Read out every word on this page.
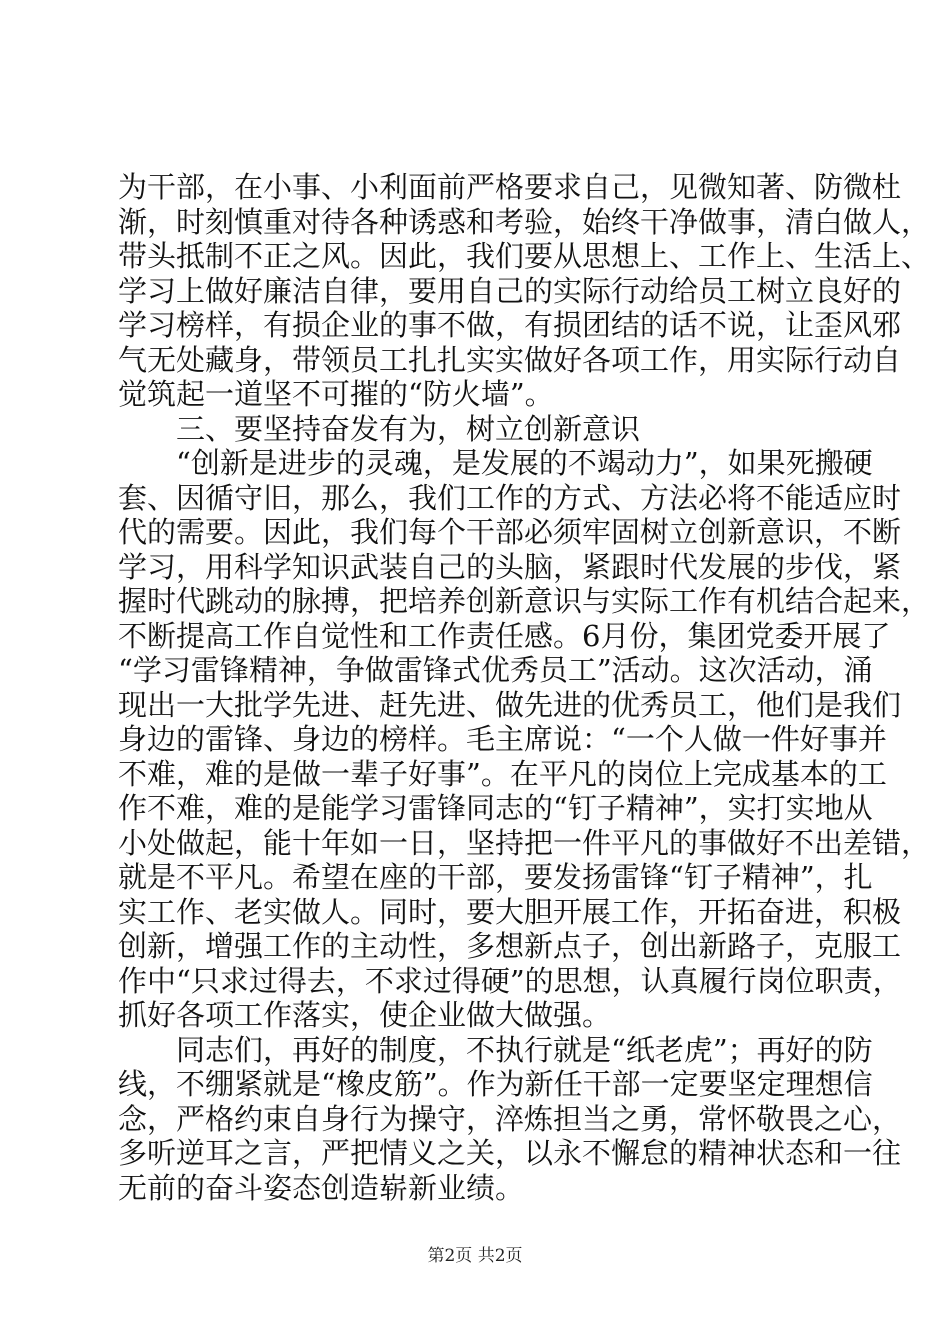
为干部，在小事、小利面前严格要求自己，见微知著、防微杜
渐，时刻慎重对待各种诱惑和考验，始终干净做事，清白做人，
带头抵制不正之风。因此，我们要从思想上、工作上、生活上、
学习上做好廉洁自律，要用自己的实际行动给员工树立良好的
学习榜样，有损企业的事不做，有损团结的话不说，让歪风邪
气无处藏身，带领员工扎扎实实做好各项工作，用实际行动自
觉筑起一道坚不可摧的“防火墙”。
三、要坚持奋发有为，树立创新意识
“创新是进步的灵魂，是发展的不竭动力”，如果死搬硬
套、因循守旧，那么，我们工作的方式、方法必将不能适应时
代的需要。因此，我们每个干部必须牢固树立创新意识，不断
学习，用科学知识武装自己的头脑，紧跟时代发展的步伐，紧
握时代跳动的脉搏，把培养创新意识与实际工作有机结合起来，
不断提高工作自觉性和工作责任感。6月份，集团党委开展了
“学习雷锋精神，争做雷锋式优秀员工”活动。这次活动，涌
现出一大批学先进、赶先进、做先进的优秀员工，他们是我们
身边的雷锋、身边的榜样。毛主席说：“一个人做一件好事并
不难，难的是做一辈子好事”。在平凡的岗位上完成基本的工
作不难，难的是能学习雷锋同志的“钉子精神”，实打实地从
小处做起，能十年如一日，坚持把一件平凡的事做好不出差错，
就是不平凡。希望在座的干部，要发扬雷锋“钉子精神”，扎
实工作、老实做人。同时，要大胆开展工作，开拓奋进，积极
创新，增强工作的主动性，多想新点子，创出新路子，克服工
作中“只求过得去，不求过得硬”的思想，认真履行岗位职责，
抓好各项工作落实，使企业做大做强。
同志们，再好的制度，不执行就是“纸老虎”；再好的防
线，不绷紧就是“橡皮筋”。作为新任干部一定要坚定理想信
念，严格约束自身行为操守，淬炼担当之勇，常怀敬畏之心，
多听逆耳之言，严把情义之关，以永不懈怠的精神状态和一往
无前的奋斗姿态创造崭新业绩。
第2页 共2页
